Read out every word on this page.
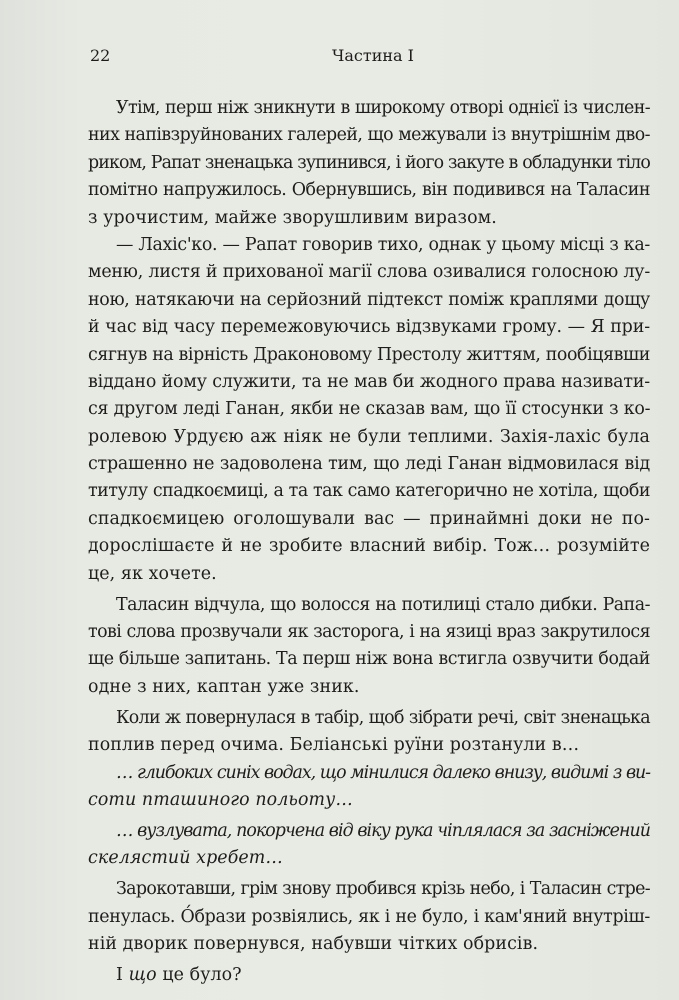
22	Частина І
Утім, перш ніж зникнути в широкому отворі однієї із числен-
них напівзруйнованих галерей, що межували із внутрішнім дво-
риком, Рапат зненацька зупинився, і його закуте в обладунки тіло
помітно напружилось. Обернувшись, він подивився на Таласин
з урочистим, майже зворушливим виразом.
— Лахіс'ко. — Рапат говорив тихо, однак у цьому місці з ка-
меню, листя й прихованої магії слова озивалися голосною лу-
ною, натякаючи на серйозний підтекст поміж краплями дощу
й час від часу перемежовуючись відзвуками грому. — Я при-
сягнув на вірність Драконовому Престолу життям, пообіцявши
віддано йому служити, та не мав би жодного права називати-
ся другом леді Ганан, якби не сказав вам, що її стосунки з ко-
ролевою Урдуєю аж ніяк не були теплими. Захія-лахіс була
страшенно не задоволена тим, що леді Ганан відмовилася від
титулу спадкоємиці, а та так само категорично не хотіла, щоби
спадкоємицею оголошували вас — принаймні доки не по-
дорослішаєте й не зробите власний вибір. Тож… розумійте
це, як хочете.
Таласин відчула, що волосся на потилиці стало дибки. Рапа-
тові слова прозвучали як засторога, і на язиці враз закрутилося
ще більше запитань. Та перш ніж вона встигла озвучити бодай
одне з них, каптан уже зник.
Коли ж повернулася в табір, щоб зібрати речі, світ зненацька
поплив перед очима. Беліанські руїни розтанули в…
… глибоких синіх водах, що мінилися далеко внизу, видимі з ви-
соти пташиного польоту…
… вузлувата, покорчена від віку рука чіплялася за засніжений
скелястий хребет…
Зарокотавши, грім знову пробився крізь небо, і Таласин стре-
пенулась. О́брази розвіялись, як і не було, і кам'яний внутріш-
ній дворик повернувся, набувши чітких обрисів.
І що це було?
